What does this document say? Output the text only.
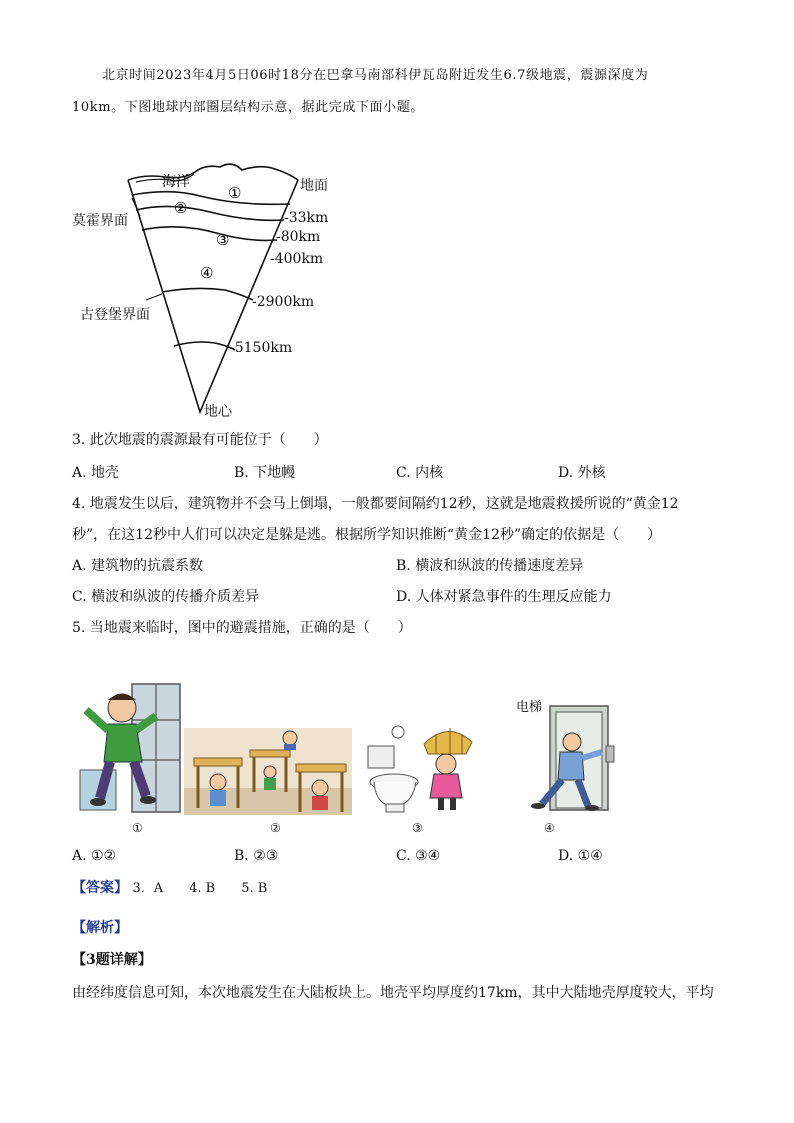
北京时间2023年4月5日06时18分在巴拿马南部科伊瓦岛附近发生6.7级地震，震源深度为
10km。下图地球内部圈层结构示意，据此完成下面小题。
海洋
①
②
③
④
地面
莫霍界面	-33km
-80km
-400km
-2900km
古登堡界面
-5150km
地心
3. 此次地震的震源最有可能位于（　　）
A. 地壳	B. 下地幔	C. 内核	D. 外核
4. 地震发生以后，建筑物并不会马上倒塌，一般都要间隔约12秒，这就是地震救援所说的“黄金12
秒”，在这12秒中人们可以决定是躲是逃。根据所学知识推断“黄金12秒”确定的依据是（　　）
A. 建筑物的抗震系数	B. 横波和纵波的传播速度差异
C. 横波和纵波的传播介质差异	D. 人体对紧急事件的生理反应能力
5. 当地震来临时，图中的避震措施，正确的是（　　）
电梯
①	②	③	④
A. ①②	B. ②③	C. ③④	D. ①④
【答案】 3．A　　4. B　　5. B
【解析】
【3题详解】
由经纬度信息可知，本次地震发生在大陆板块上。地壳平均厚度约17km，其中大陆地壳厚度较大，平均
